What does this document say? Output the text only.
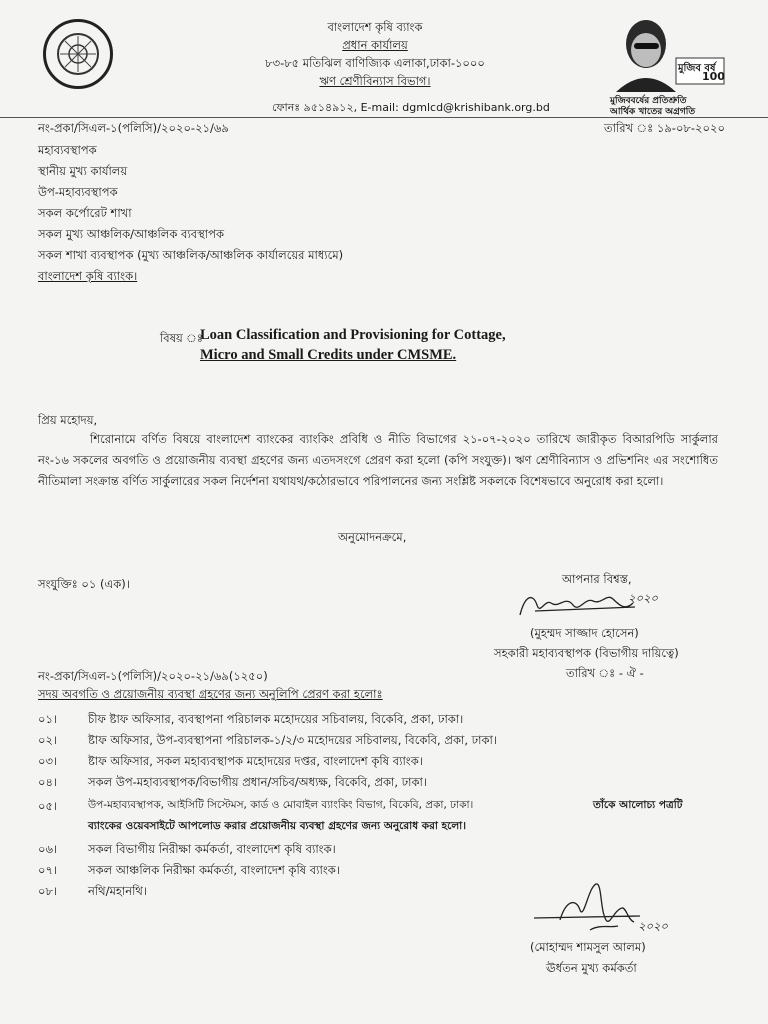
বাংলাদেশ কৃষি ব্যাংক
প্রধান কার্যালয়
৮৩-৮৫ মতিঝিল বাণিজ্যিক এলাকা,ঢাকা-১০০০
ঋণ শ্রেণীবিন্যাস বিভাগ।
ফোনঃ ৯৫১৪৯১২, E-mail: dgmlcd@krishibank.org.bd
মুজিব বর্ষ
100
মুজিববর্ষের প্রতিশ্রুতি
আর্থিক খাতের অগ্রগতি
নং-প্রকা/সিএল-১(পলিসি)/২০২০-২১/৬৯	তারিখ ঃ ১৯-০৮-২০২০
মহাব্যবস্থাপক
স্থানীয় মুখ্য কার্যালয়
উপ-মহাব্যবস্থাপক
সকল কর্পোরেট শাখা
সকল মুখ্য আঞ্চলিক/আঞ্চলিক ব্যবস্থাপক
সকল শাখা ব্যবস্থাপক (মুখ্য আঞ্চলিক/আঞ্চলিক কার্যালয়ের মাধ্যমে)
বাংলাদেশ কৃষি ব্যাংক।
বিষয় ঃ
Loan Classification and Provisioning for Cottage,
Micro and Small Credits under CMSME.
প্রিয় মহোদয়,
শিরোনামে বর্ণিত বিষয়ে বাংলাদেশ ব্যাংকের ব্যাংকিং প্রবিধি ও নীতি বিভাগের ২১-০৭-২০২০ তারিখে জারীকৃত বিআরপিডি সার্কুলার নং-১৬ সকলের অবগতি ও প্রয়োজনীয় ব্যবস্থা গ্রহণের জন্য এতদসংগে প্রেরণ করা হলো (কপি সংযুক্ত)। ঋণ শ্রেণীবিন্যাস ও প্রভিশনিং এর সংশোধিত নীতিমালা সংক্রান্ত বর্ণিত সার্কুলারের সকল নির্দেশনা যথাযথ/কঠোরভাবে পরিপালনের জন্য সংশ্লিষ্ট সকলকে বিশেষভাবে অনুরোধ করা হলো।
অনুমোদনক্রমে,
সংযুক্তিঃ ০১ (এক)।	আপনার বিশ্বস্ত,
২০২০
(মুহম্মদ সাজ্জাদ হোসেন)
সহকারী মহাব্যবস্থাপক (বিভাগীয় দায়িত্বে)
তারিখ ঃ - ঐ -
নং-প্রকা/সিএল-১(পলিসি)/২০২০-২১/৬৯(১২৫০)
সদয় অবগতি ও প্রয়োজনীয় ব্যবস্থা গ্রহণের জন্য অনুলিপি প্রেরণ করা হলোঃ
০১।	চীফ ষ্টাফ অফিসার, ব্যবস্থাপনা পরিচালক মহোদয়ের সচিবালয়, বিকেবি, প্রকা, ঢাকা।
০২।	ষ্টাফ অফিসার, উপ-ব্যবস্থাপনা পরিচালক-১/২/৩ মহোদয়ের সচিবালয়, বিকেবি, প্রকা, ঢাকা।
০৩।	ষ্টাফ অফিসার, সকল মহাব্যবস্থাপক মহোদয়ের দপ্তর, বাংলাদেশ কৃষি ব্যাংক।
০৪।	সকল উপ-মহাব্যবস্থাপক/বিভাগীয় প্রধান/সচিব/অধ্যক্ষ, বিকেবি, প্রকা, ঢাকা।
০৫।	উপ-মহাব্যবস্থাপক, আইসিটি সিস্টেমস, কার্ড ও মোবাইল ব্যাংকিং বিভাগ, বিকেবি, প্রকা, ঢাকা।	তাঁকে আলোচ্য পত্রটি
ব্যাংকের ওয়েবসাইটে আপলোড করার প্রয়োজনীয় ব্যবস্থা গ্রহণের জন্য অনুরোধ করা হলো।
০৬।	সকল বিভাগীয় নিরীক্ষা কর্মকর্তা, বাংলাদেশ কৃষি ব্যাংক।
০৭।	সকল আঞ্চলিক নিরীক্ষা কর্মকর্তা, বাংলাদেশ কৃষি ব্যাংক।
০৮।	নথি/মহানথি।
২০২০
(মোহাম্মদ শামসুল আলম)
ঊর্ধতন মুখ্য কর্মকর্তা
